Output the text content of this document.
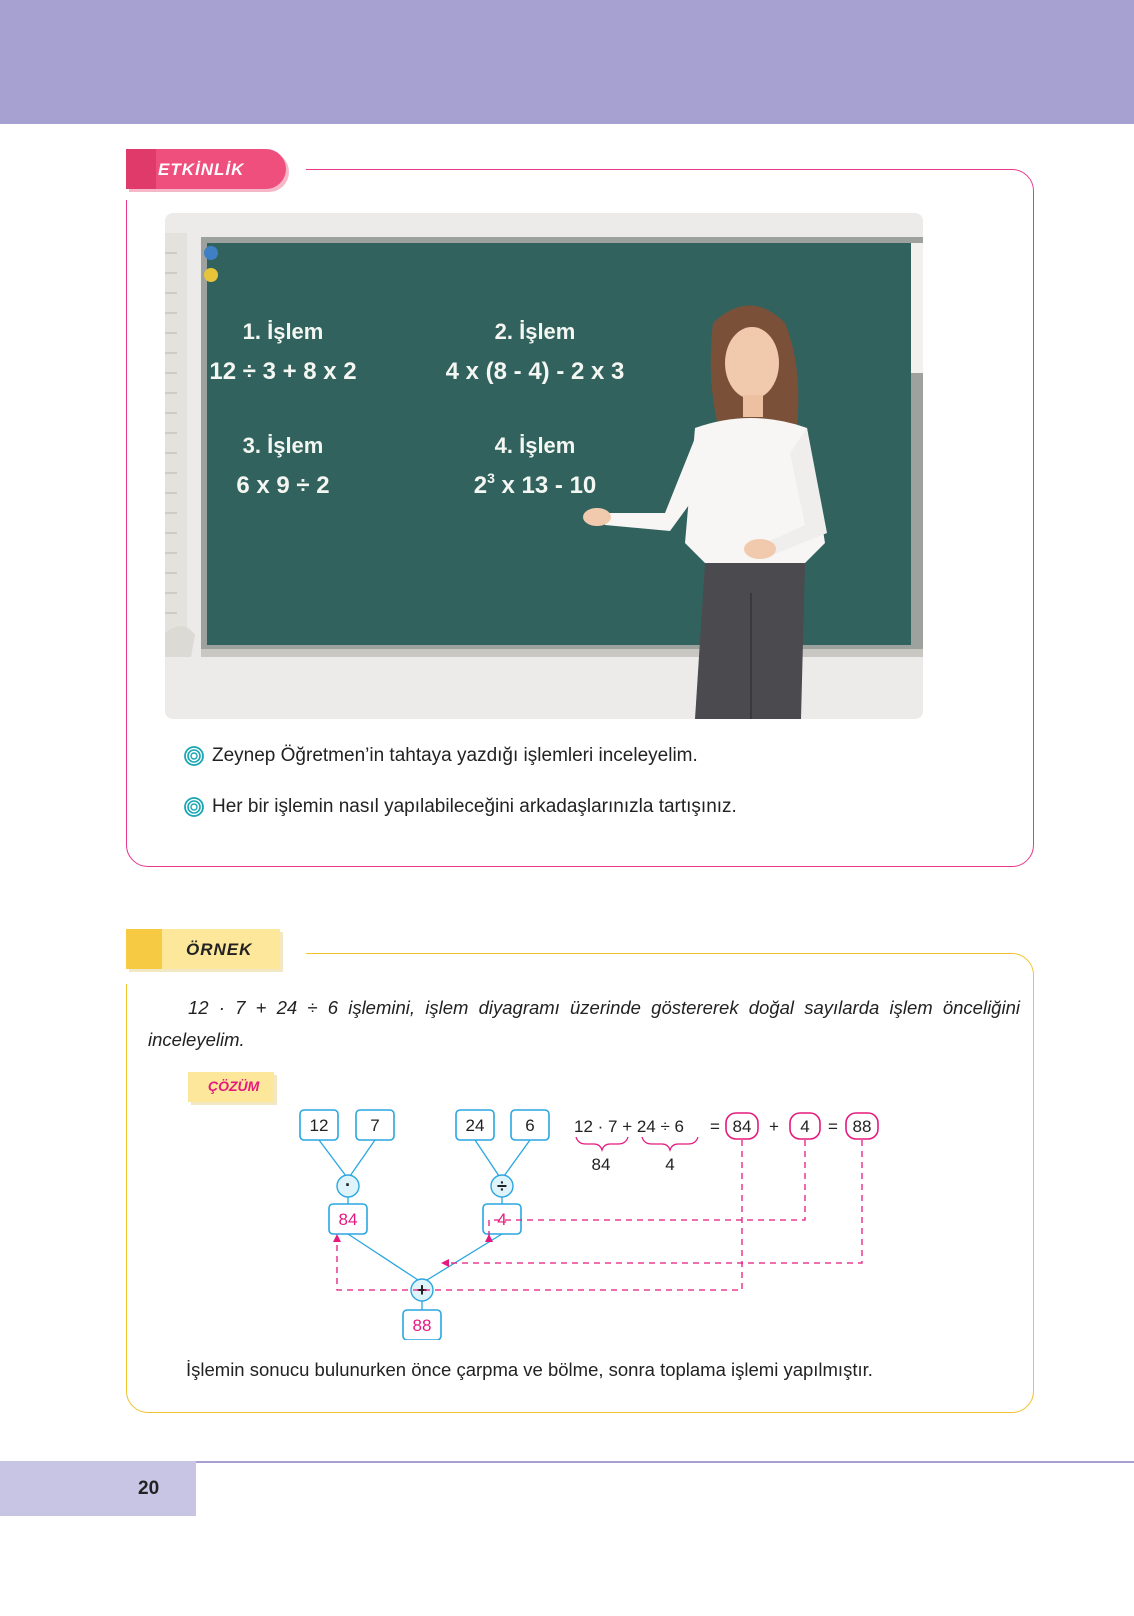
ETKİNLİK
1. İşlem
12 ÷ 3 + 8 x 2
2. İşlem
4 x (8 - 4) - 2 x 3
3. İşlem
6 x 9 ÷ 2
4. İşlem
$2^3$ x 13 - 10
Zeynep Öğretmen’in tahtaya yazdığı işlemleri inceleyelim.
Her bir işlemin nasıl yapılabileceğini arkadaşlarınızla tartışınız.
ÖRNEK
12 · 7 + 24 ÷ 6 işlemini, işlem diyagramı üzerinde göstererek doğal sayılarda işlem önceliğini inceleyelim.
ÇÖZÜM
12 7	24 6
·	÷
+
84	4
88
12 · 7 + 24 ÷ 6 = 84 + 4 = 88
84	4
İşlemin sonucu bulunurken önce çarpma ve bölme, sonra toplama işlemi yapılmıştır.
20
